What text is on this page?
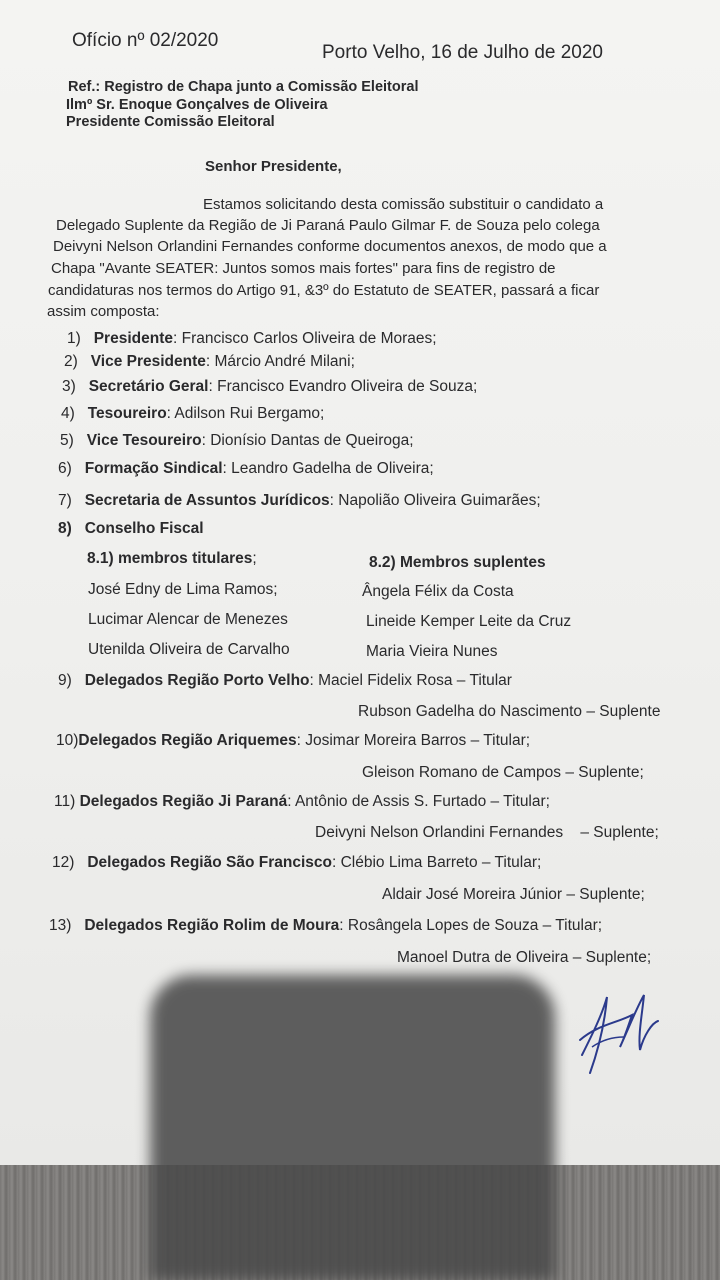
Ofício nº 02/2020
Porto Velho, 16 de Julho de 2020
Ref.: Registro de Chapa junto a Comissão Eleitoral
Ilmº Sr. Enoque Gonçalves de Oliveira
Presidente Comissão Eleitoral
Senhor Presidente,
Estamos solicitando desta comissão substituir o candidato a
Delegado Suplente da Região de Ji Paraná Paulo Gilmar F. de Souza pelo colega
Deivyni Nelson Orlandini Fernandes conforme documentos anexos, de modo que a
Chapa "Avante SEATER: Juntos somos mais fortes" para fins de registro de
candidaturas nos termos do Artigo 91, &3º do Estatuto de SEATER, passará a ficar
assim composta:
1) Presidente: Francisco Carlos Oliveira de Moraes;
2) Vice Presidente: Márcio André Milani;
3) Secretário Geral: Francisco Evandro Oliveira de Souza;
4) Tesoureiro: Adilson Rui Bergamo;
5) Vice Tesoureiro: Dionísio Dantas de Queiroga;
6) Formação Sindical: Leandro Gadelha de Oliveira;
7) Secretaria de Assuntos Jurídicos: Napolião Oliveira Guimarães;
8) Conselho Fiscal
8.1) membros titulares;	8.2) Membros suplentes
José Edny de Lima Ramos;
Lucimar Alencar de Menezes
Utenilda Oliveira de Carvalho
Ângela Félix da Costa
Lineide Kemper Leite da Cruz
Maria Vieira Nunes
9) Delegados Região Porto Velho: Maciel Fidelix Rosa – Titular
Rubson Gadelha do Nascimento – Suplente
10)Delegados Região Ariquemes: Josimar Moreira Barros – Titular;
Gleison Romano de Campos – Suplente;
11) Delegados Região Ji Paraná: Antônio de Assis S. Furtado – Titular;
Deivyni Nelson Orlandini Fernandes    – Suplente;
12) Delegados Região São Francisco: Clébio Lima Barreto – Titular;
Aldair José Moreira Júnior – Suplente;
13) Delegados Região Rolim de Moura: Rosângela Lopes de Souza – Titular;
Manoel Dutra de Oliveira – Suplente;
